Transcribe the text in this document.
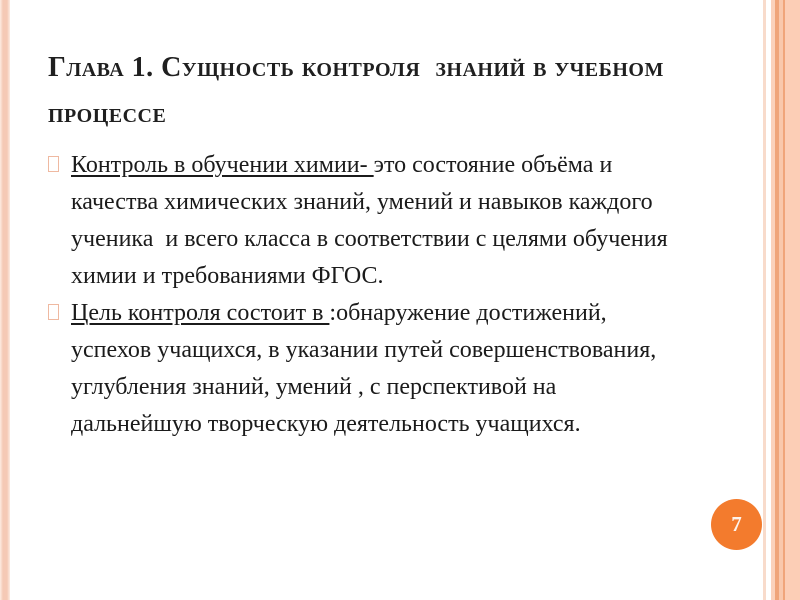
Глава 1. Сущность контроля  знаний в учебном процессе

Контроль в обучении химии- это состояние объёма и качества химических знаний, умений и навыков каждого ученика  и всего класса в соответствии с целями обучения химии и требованиями ФГОС.

Цель контроля состоит в :обнаружение достижений, успехов учащихся, в указании путей совершенствования, углубления знаний, умений , с перспективой на дальнейшую творческую деятельность учащихся.

7
